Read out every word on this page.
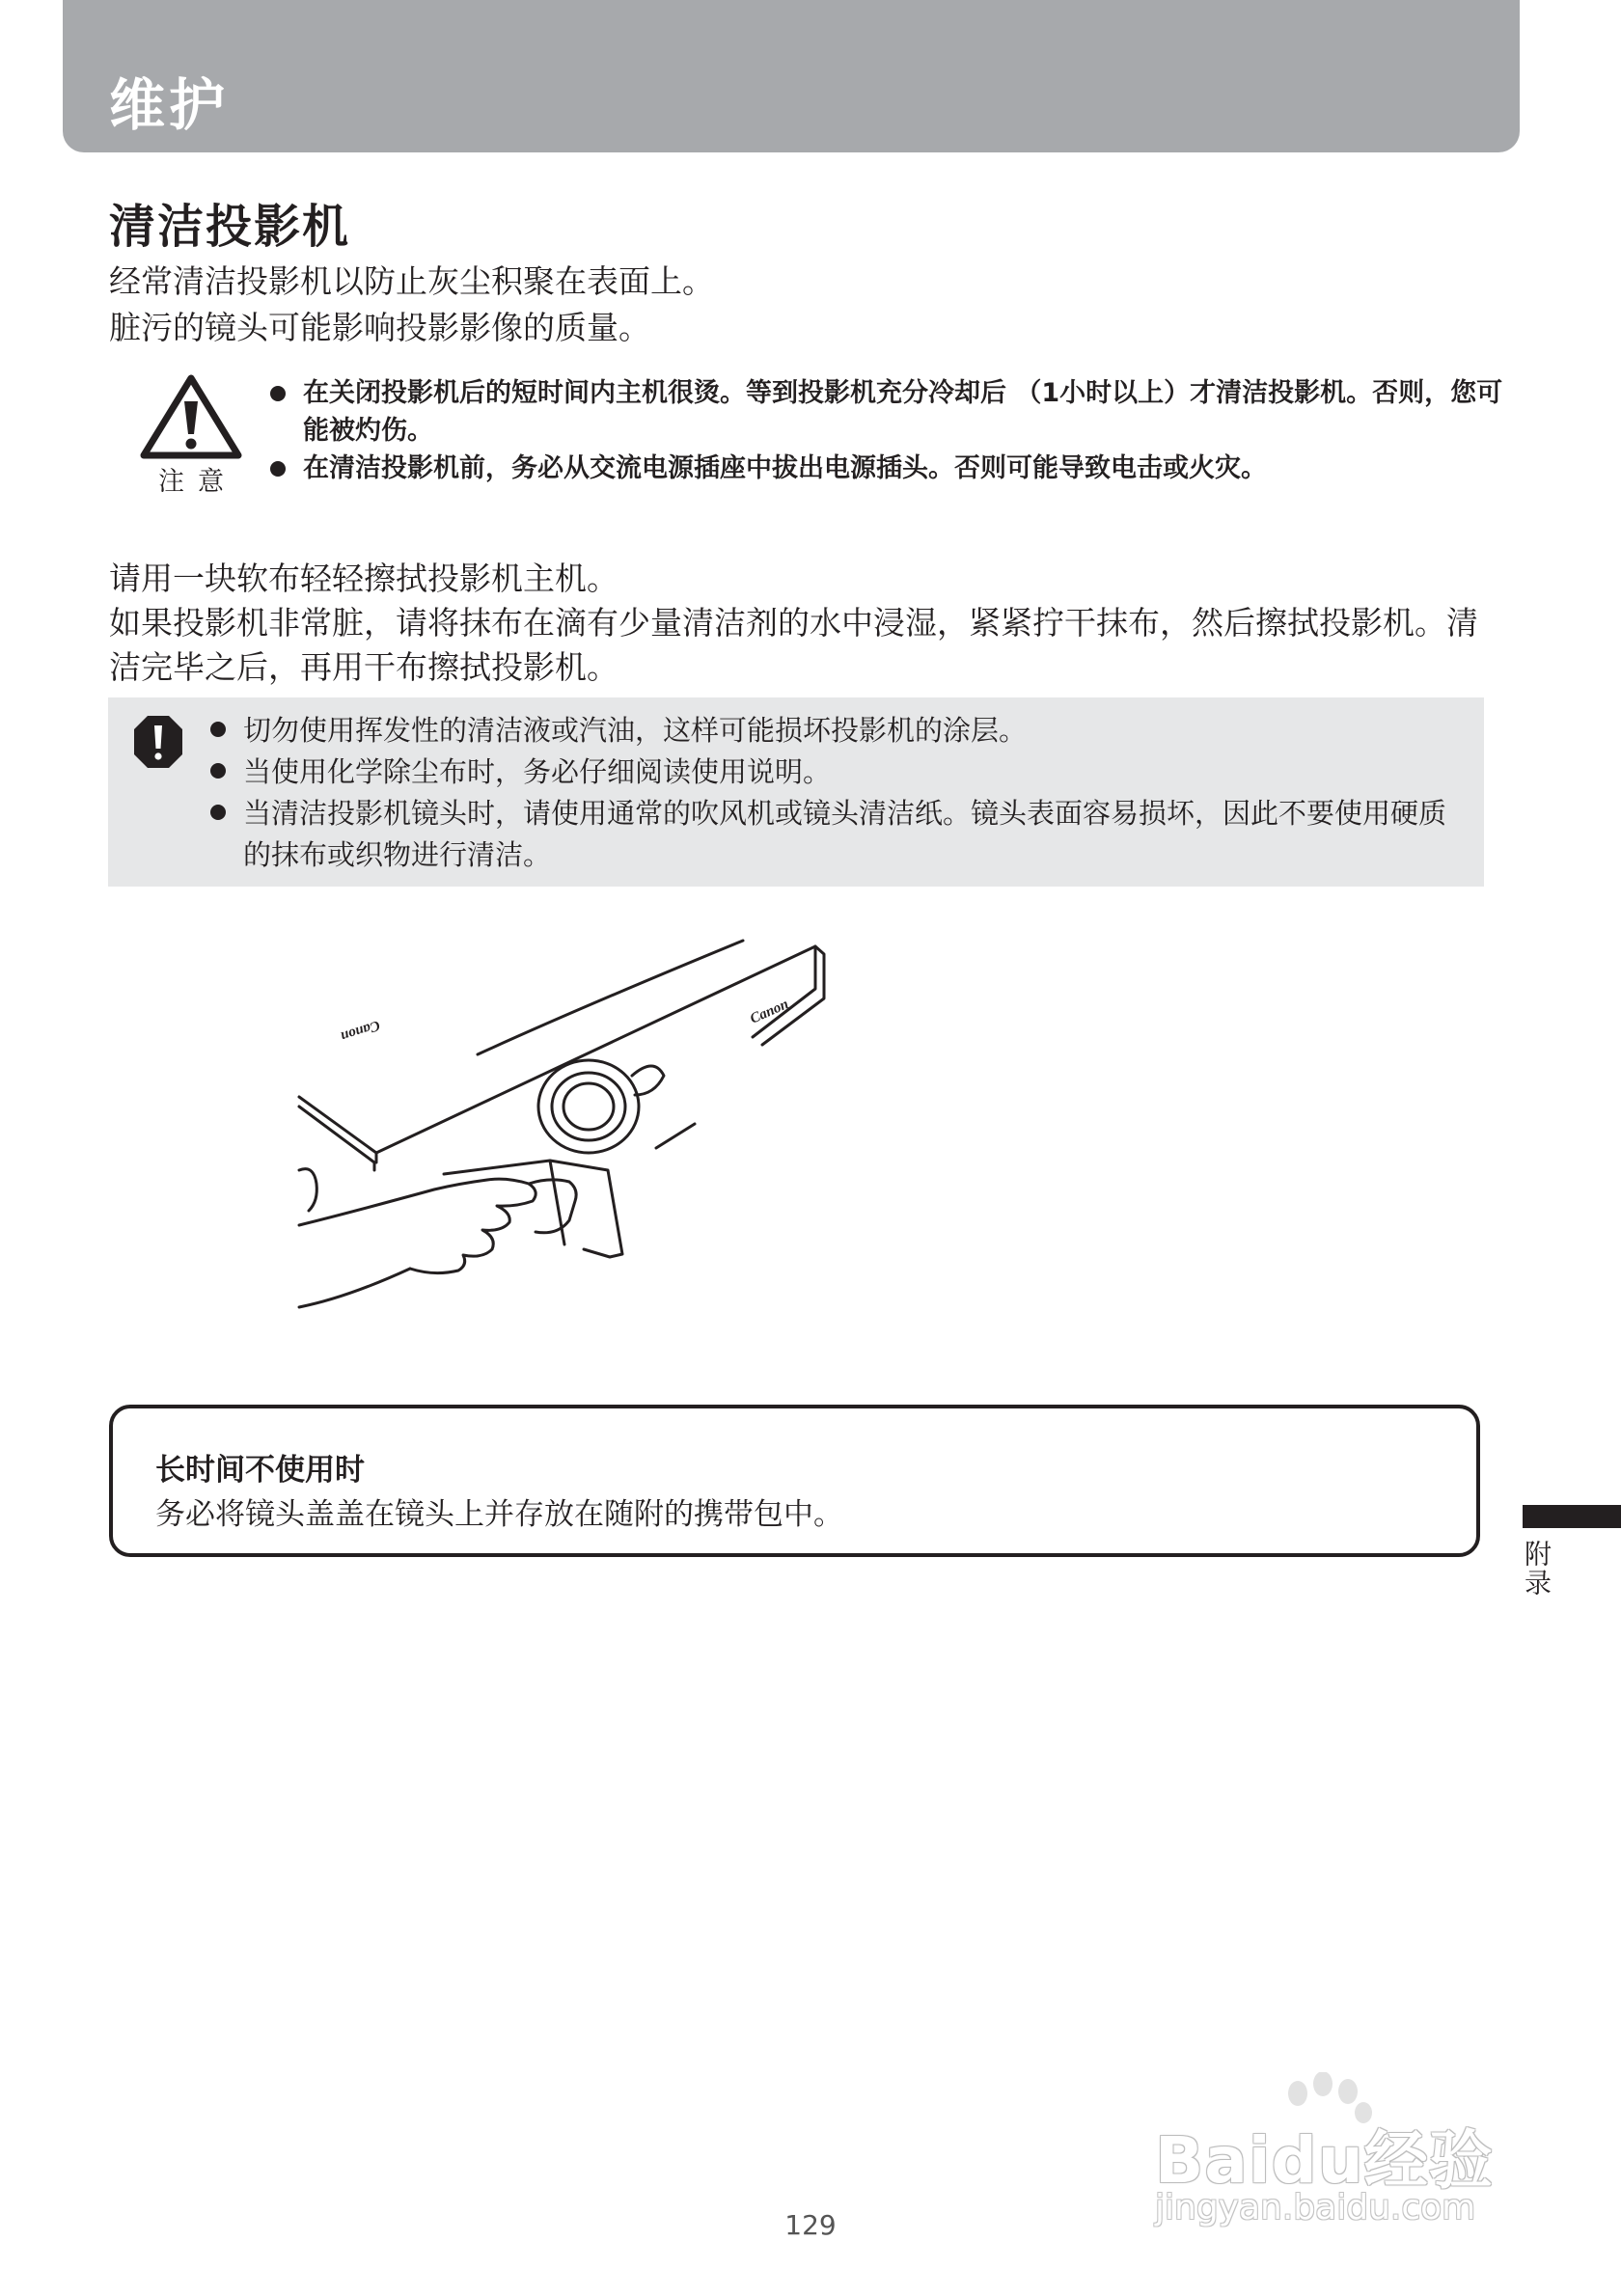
维护
清洁投影机

经常清洁投影机以防止灰尘积聚在表面上。

脏污的镜头可能影响投影影像的质量。

注意
在关闭投影机后的短时间内主机很烫。等到投影机充分冷却后 （1小时以上）才清洁投影机。否则，您可能被灼伤。
在清洁投影机前，务必从交流电源插座中拔出电源插头。否则可能导致电击或火灾。

请用一块软布轻轻擦拭投影机主机。

如果投影机非常脏，请将抹布在滴有少量清洁剂的水中浸湿，紧紧拧干抹布，然后擦拭投影机。清洁完毕之后，再用干布擦拭投影机。

切勿使用挥发性的清洁液或汽油，这样可能损坏投影机的涂层。
当使用化学除尘布时，务必仔细阅读使用说明。
当清洁投影机镜头时，请使用通常的吹风机或镜头清洁纸。镜头表面容易损坏，因此不要使用硬质的抹布或织物进行清洁。
Canon
Canon
长时间不使用时
务必将镜头盖盖在镜头上并存放在随附的携带包中。
附录
Baidu经验
jingyan.baidu.com
129
